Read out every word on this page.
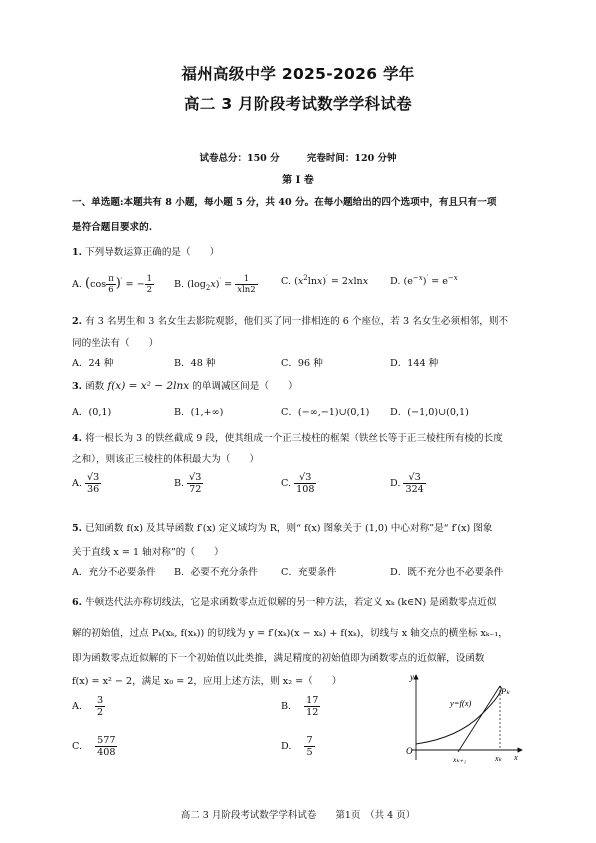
福州高级中学 2025-2026 学年
高二 3 月阶段考试数学学科试卷
试卷总分：150 分	完卷时间：120 分钟
第 I 卷
一、单选题:本题共有 8 小题，每小题 5 分，共 40 分。在每小题给出的四个选项中，有且只有一项
是符合题目要求的.
1. 下列导数运算正确的是（　　）
A. $(\cos \frac{\pi}{6} )'$ = − $\frac{1}{2} B$. $(\log_2x)' = \frac{1}{xln2} C$. $(x^2\ln x)' = 2xlnx$ D. $(e^{-x})' = e^{-x}$
2. 有 3 名男生和 3 名女生去影院观影，他们买了同一排相连的 6 个座位，若 3 名女生必须相邻，则不
同的坐法有（　　）
A．24 种	B．48 种	C．96 种	D．144 种
3. 函数 f(x) = x² − 2lnx 的单调减区间是（　　）
A．(0,1)	B．(1,+∞)	C．(−∞,−1)∪(0,1) D．(−1,0)∪(0,1)
4. 将一根长为 3 的铁丝截成 9 段，使其组成一个正三棱柱的框架（铁丝长等于正三棱柱所有棱的长度
之和），则该正三棱柱的体积最大为（　　）
A. $\frac{√3}{36}$	B. $\frac{√3}{72}$	C. $\frac{√3}{108}$	D. $\frac{√3}{324}$
5. 已知函数 f(x) 及其导函数 f′(x) 定义域均为 R，则“ f(x) 图象关于 (1,0) 中心对称”是“ f′(x) 图象
关于直线 x = 1 轴对称”的（　　）
A．充分不必要条件 B．必要不充分条件 C．充要条件	D．既不充分也不必要条件
6. 牛顿迭代法亦称切线法，它是求函数零点近似解的另一种方法，若定义 xₖ (k∈N) 是函数零点近似
解的初始值，过点 Pₖ(xₖ, f(xₖ)) 的切线为 y = f′(xₖ)(x − xₖ) + f(xₖ)，切线与 x 轴交点的横坐标 xₖ₋₁，
即为函数零点近似解的下一个初始值以此类推，满足精度的初始值即为函数零点的近似解，设函数
f(x) = x² − 2，满足 x₀ = 2，应用上述方法，则 x₂ =（　　）
A. $\frac{3}{2}$	B. $\frac{17}{12}$
C. $\frac{577}{408}$	D. $\frac{7}{5}$
y
y=f(x)
Pₖ
O
xₖ₊₁	xₖ x
高二 3 月阶段考试数学学科试卷　　第1页　（共 4 页）
